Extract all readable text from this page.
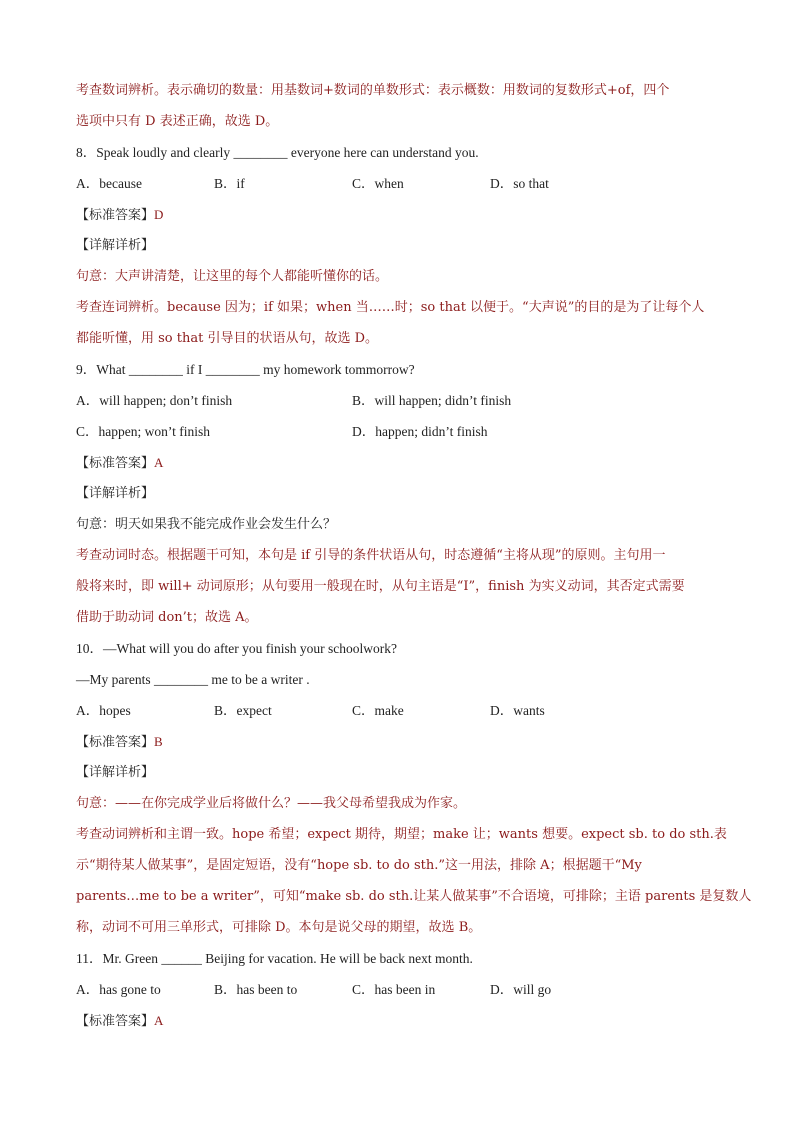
考查数词辨析。表示确切的数量：用基数词+数词的单数形式：表示概数：用数词的复数形式+of，四个
选项中只有 D 表述正确，故选 D。
8．Speak loudly and clearly ________ everyone here can understand you.
A．because	B．if	C．when	D．so that
【标准答案】D
【详解详析】
句意：大声讲清楚，让这里的每个人都能听懂你的话。
考查连词辨析。because 因为；if 如果；when 当……时；so that 以便于。“大声说”的目的是为了让每个人
都能听懂，用 so that 引导目的状语从句，故选 D。
9．What ________ if I ________ my homework tommorrow?
A．will happen; don’t finish	B．will happen; didn’t finish
C．happen; won’t finish	D．happen; didn’t finish
【标准答案】A
【详解详析】
句意：明天如果我不能完成作业会发生什么？
考查动词时态。根据题干可知，本句是 if 引导的条件状语从句，时态遵循“主将从现”的原则。主句用一
般将来时，即 will+ 动词原形；从句要用一般现在时，从句主语是“I”，finish 为实义动词，其否定式需要
借助于助动词 don’t；故选 A。
10．—What will you do after you finish your schoolwork?
—My parents ________ me to be a writer .
A．hopes	B．expect	C．make	D．wants
【标准答案】B
【详解详析】
句意：——在你完成学业后将做什么？——我父母希望我成为作家。
考查动词辨析和主谓一致。hope 希望；expect 期待，期望；make 让；wants 想要。expect sb. to do sth.表
示“期待某人做某事”，是固定短语，没有“hope sb. to do sth.”这一用法，排除 A；根据题干“My
parents…me to be a writer”，可知“make sb. do sth.让某人做某事”不合语境，可排除；主语 parents 是复数人
称，动词不可用三单形式，可排除 D。本句是说父母的期望，故选 B。
11．Mr. Green ______ Beijing for vacation. He will be back next month.
A．has gone to	B．has been to	C．has been in	D．will go
【标准答案】A
